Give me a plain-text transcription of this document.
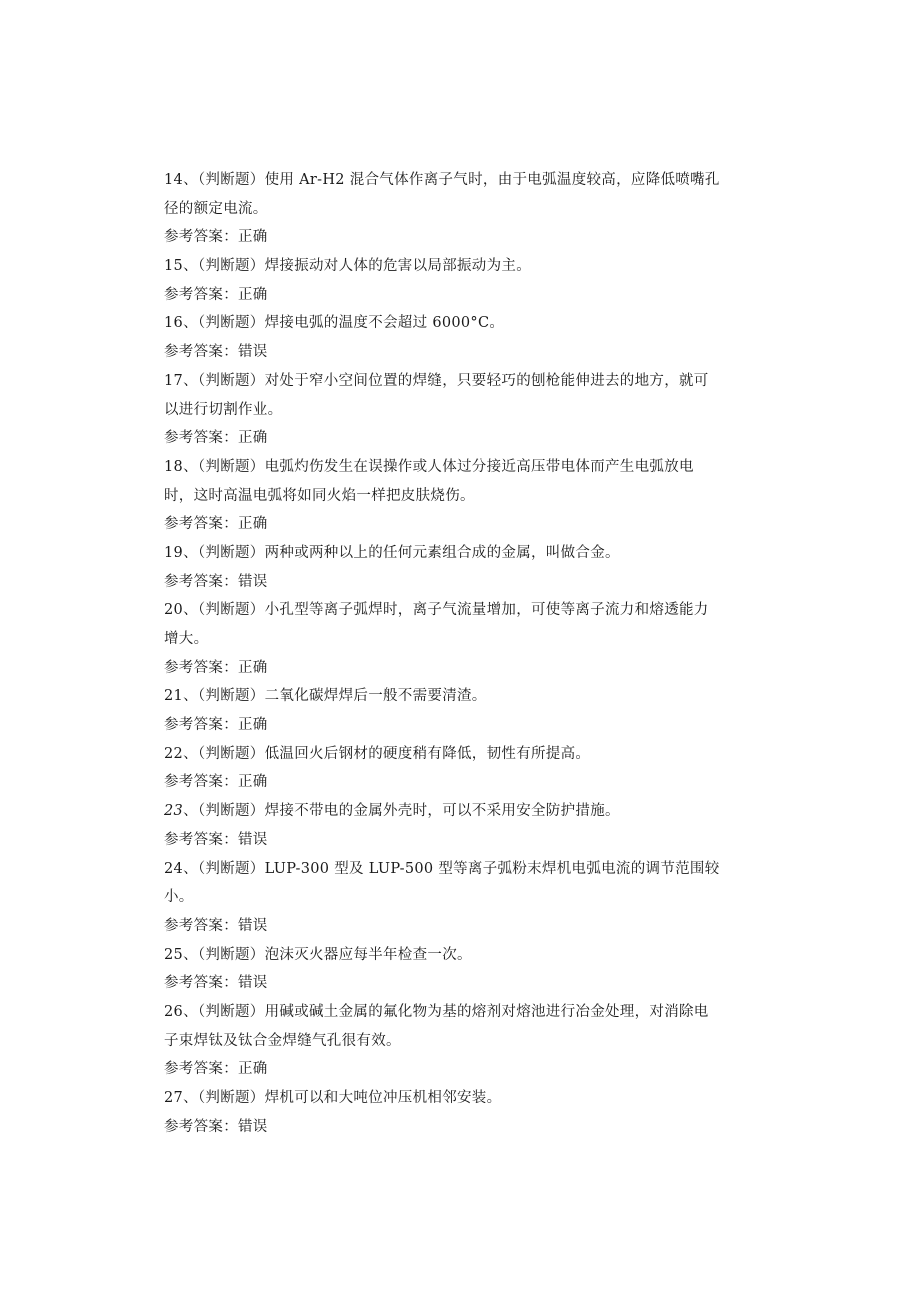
14、（判断题）使用 Ar-H2 混合气体作离子气时，由于电弧温度较高，应降低喷嘴孔
径的额定电流。
参考答案：正确
15、（判断题）焊接振动对人体的危害以局部振动为主。
参考答案：正确
16、（判断题）焊接电弧的温度不会超过 6000°C。
参考答案：错误
17、（判断题）对处于窄小空间位置的焊缝，只要轻巧的刨枪能伸进去的地方，就可
以进行切割作业。
参考答案：正确
18、（判断题）电弧灼伤发生在误操作或人体过分接近高压带电体而产生电弧放电
时，这时高温电弧将如同火焰一样把皮肤烧伤。
参考答案：正确
19、（判断题）两种或两种以上的任何元素组合成的金属，叫做合金。
参考答案：错误
20、（判断题）小孔型等离子弧焊时，离子气流量增加，可使等离子流力和熔透能力
增大。
参考答案：正确
21、（判断题）二氧化碳焊焊后一般不需要清渣。
参考答案：正确
22、（判断题）低温回火后钢材的硬度稍有降低，韧性有所提高。
参考答案：正确
23、（判断题）焊接不带电的金属外壳时，可以不采用安全防护措施。
参考答案：错误
24、（判断题）LUP-300 型及 LUP-500 型等离子弧粉末焊机电弧电流的调节范围较
小。
参考答案：错误
25、（判断题）泡沫灭火器应每半年检查一次。
参考答案：错误
26、（判断题）用碱或碱土金属的氟化物为基的熔剂对熔池进行冶金处理，对消除电
子束焊钛及钛合金焊缝气孔很有效。
参考答案：正确
27、（判断题）焊机可以和大吨位冲压机相邻安装。
参考答案：错误
